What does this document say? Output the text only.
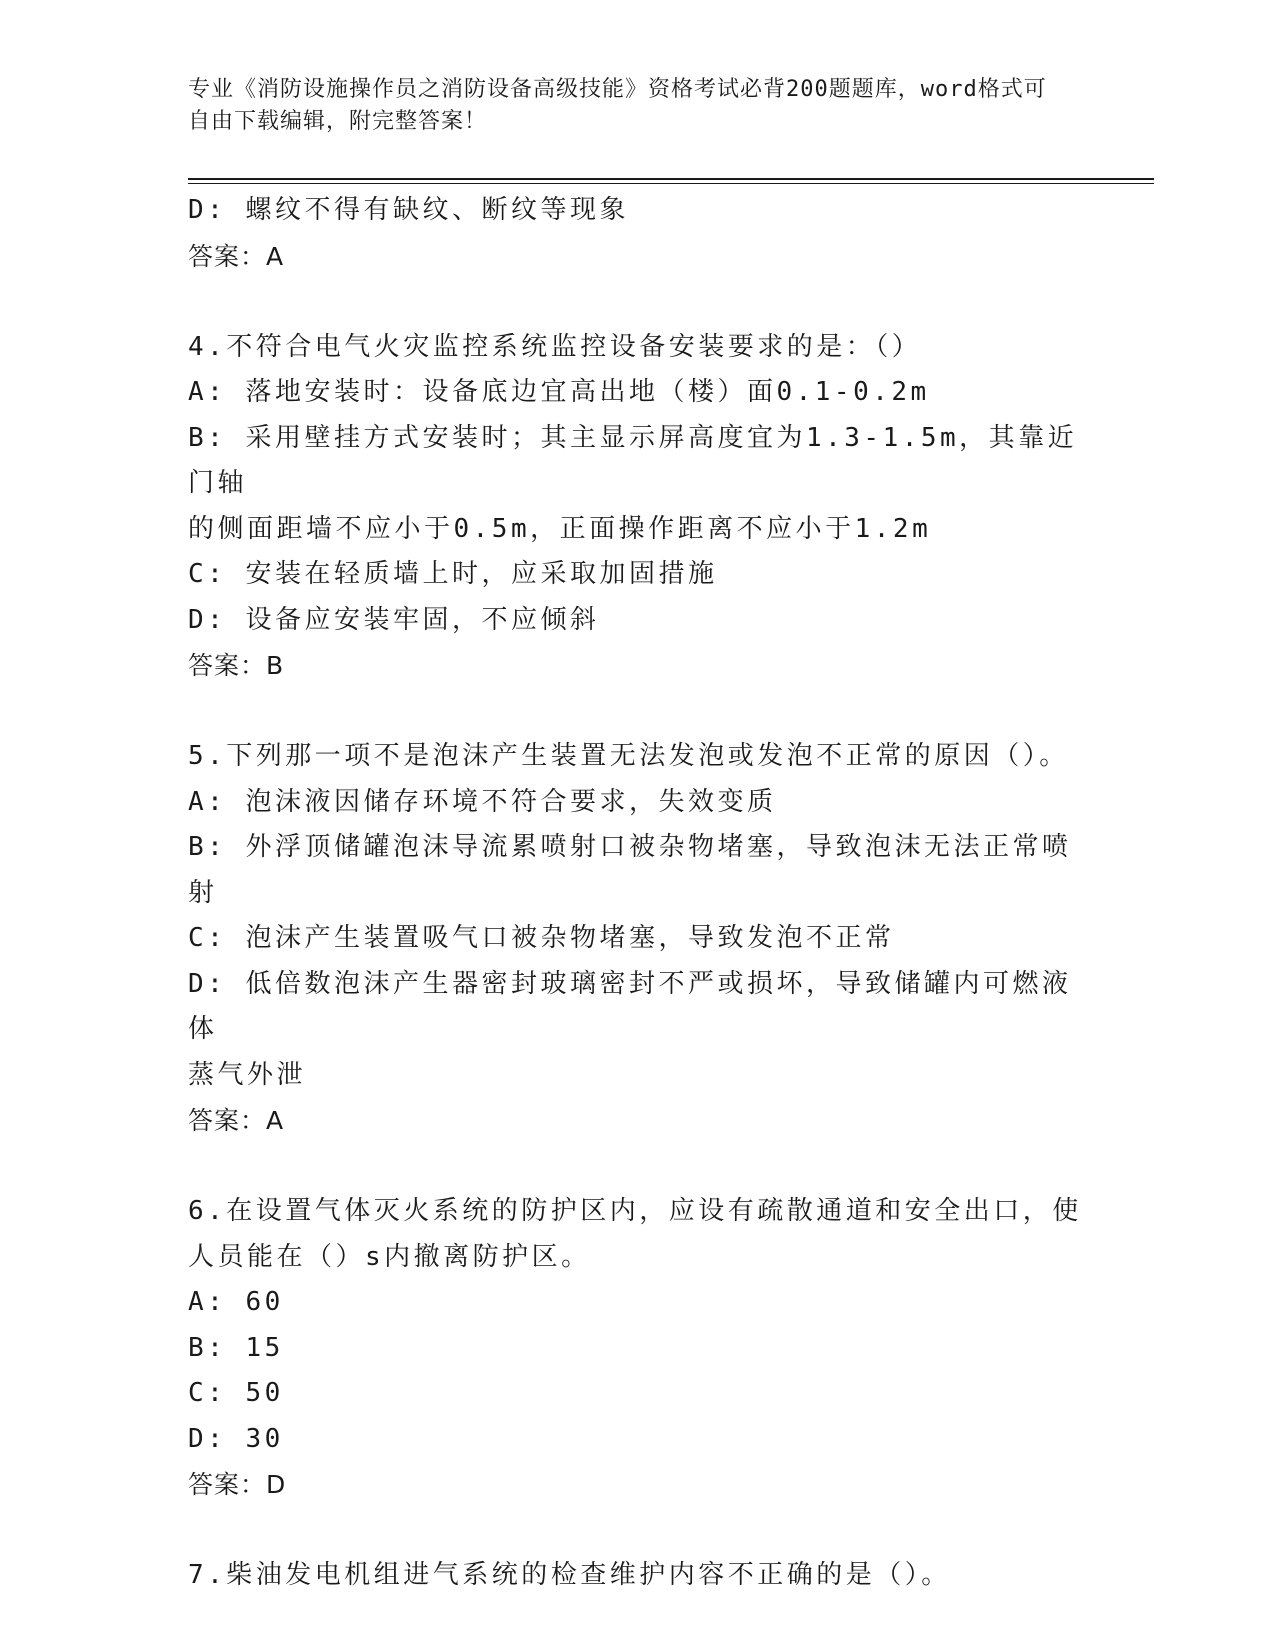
专业《消防设施操作员之消防设备高级技能》资格考试必背200题题库，word格式可自由下载编辑，附完整答案！
D: 螺纹不得有缺纹、断纹等现象
答案：A
4.不符合电气火灾监控系统监控设备安装要求的是：（）
A: 落地安装时：设备底边宜高出地（楼）面0.1-0.2m
B: 采用壁挂方式安装时；其主显示屏高度宜为1.3-1.5m，其靠近门轴
的侧面距墙不应小于0.5m，正面操作距离不应小于1.2m
C: 安装在轻质墙上时，应采取加固措施
D: 设备应安装牢固，不应倾斜
答案：B
5.下列那一项不是泡沫产生装置无法发泡或发泡不正常的原因（）。
A: 泡沫液因储存环境不符合要求，失效变质
B: 外浮顶储罐泡沫导流累喷射口被杂物堵塞，导致泡沫无法正常喷射
C: 泡沫产生装置吸气口被杂物堵塞，导致发泡不正常
D: 低倍数泡沫产生器密封玻璃密封不严或损坏，导致储罐内可燃液体
蒸气外泄
答案：A
6.在设置气体灭火系统的防护区内，应设有疏散通道和安全出口，使
人员能在（）s内撤离防护区。
A: 60
B: 15
C: 50
D: 30
答案：D
7.柴油发电机组进气系统的检查维护内容不正确的是（）。
